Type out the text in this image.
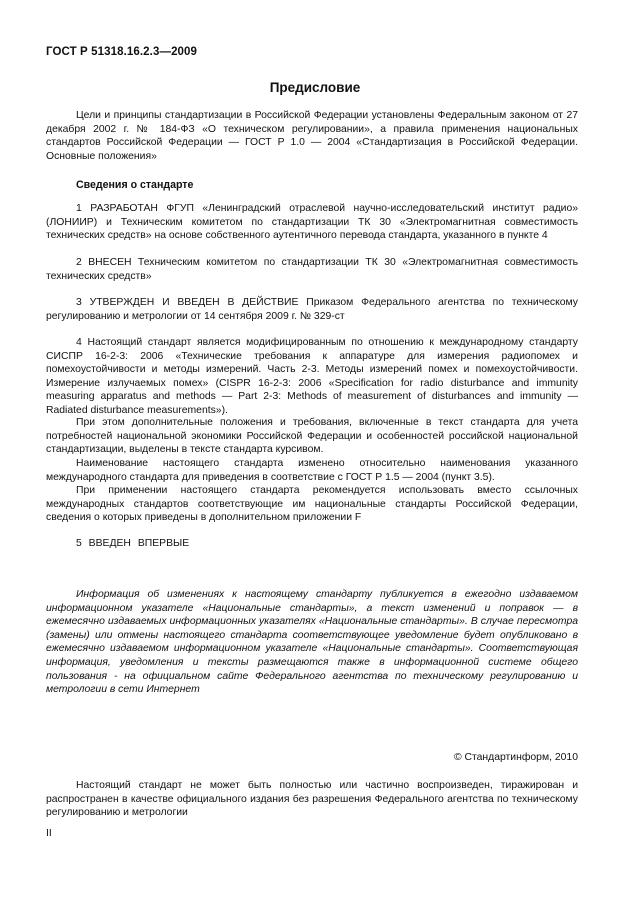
ГОСТ Р 51318.16.2.3—2009
Предисловие
Цели и принципы стандартизации в Российской Федерации установлены Федеральным законом от 27 декабря 2002 г. № 184-ФЗ «О техническом регулировании», а правила применения национальных стандартов Российской Федерации — ГОСТ Р 1.0 — 2004 «Стандартизация в Российской Федерации. Основные положения»
Сведения о стандарте
1 РАЗРАБОТАН ФГУП «Ленинградский отраслевой научно-исследовательский институт радио» (ЛОНИИР) и Техническим комитетом по стандартизации ТК 30 «Электромагнитная совместимость технических средств» на основе собственного аутентичного перевода стандарта, указанного в пункте 4
2 ВНЕСЕН Техническим комитетом по стандартизации ТК 30 «Электромагнитная совместимость технических средств»
3 УТВЕРЖДЕН И ВВЕДЕН В ДЕЙСТВИЕ Приказом Федерального агентства по техническому регулированию и метрологии от 14 сентября 2009 г. № 329-ст
4 Настоящий стандарт является модифицированным по отношению к международному стандарту СИСПР 16-2-3: 2006 «Технические требования к аппаратуре для измерения радиопомех и помехоустойчивости и методы измерений. Часть 2-3. Методы измерений помех и помехоустойчивости. Измерение излучаемых помех» (CISPR 16-2-3: 2006 «Specification for radio disturbance and immunity measuring apparatus and methods — Part 2-3: Methods of measurement of disturbances and immunity — Radiated disturbance measurements»).
При этом дополнительные положения и требования, включенные в текст стандарта для учета потребностей национальной экономики Российской Федерации и особенностей российской национальной стандартизации, выделены в тексте стандарта курсивом.
Наименование настоящего стандарта изменено относительно наименования указанного международного стандарта для приведения в соответствие с ГОСТ Р 1.5 — 2004 (пункт 3.5).
При применении настоящего стандарта рекомендуется использовать вместо ссылочных международных стандартов соответствующие им национальные стандарты Российской Федерации, сведения о которых приведены в дополнительном приложении F
5 ВВЕДЕН ВПЕРВЫЕ
Информация об изменениях к настоящему стандарту публикуется в ежегодно издаваемом информационном указателе «Национальные стандарты», а текст изменений и поправок — в ежемесячно издаваемых информационных указателях «Национальные стандарты». В случае пересмотра (замены) или отмены настоящего стандарта соответствующее уведомление будет опубликовано в ежемесячно издаваемом информационном указателе «Национальные стандарты». Соответствующая информация, уведомления и тексты размещаются также в информационной системе общего пользования - на официальном сайте Федерального агентства по техническому регулированию и метрологии в сети Интернет
© Стандартинформ, 2010
Настоящий стандарт не может быть полностью или частично воспроизведен, тиражирован и распространен в качестве официального издания без разрешения Федерального агентства по техническому регулированию и метрологии
II
